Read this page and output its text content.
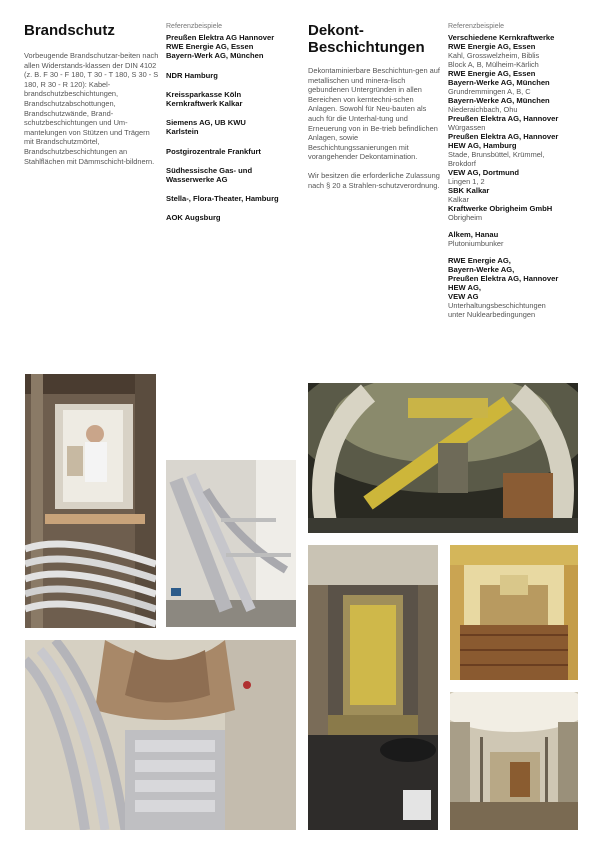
Brandschutz
Vorbeugende Brandschutzar-beiten nach allen Widerstands-klassen der DIN 4102 (z. B. F 30 - F 180, T 30 - T 180, S 30 - S 180, R 30 - R 120): Kabel-brandschutzbeschichtungen, Brandschutzabschottungen, Brandschutzwände, Brand-schutzbeschichtungen und Um-mantelungen von Stützen und Trägern mit Brandschutzmörtel, Brandschutzbeschichtungen an Stahlflächen mit Dämmschicht-bildnern.
Referenzbeispiele
Preußen Elektra AG Hannover
RWE Energie AG, Essen
Bayern-Werk AG, München
NDR Hamburg
Kreissparkasse Köln
Kernkraftwerk Kalkar
Siemens AG, UB KWU
Karlstein
Postgirozentrale Frankfurt
Südhessische Gas- und
Wasserwerke AG
Stella-, Flora-Theater, Hamburg
AOK Augsburg
Dekont-
Beschichtungen

Dekontaminierbare Beschichtun-gen auf metallischen und minera-lisch gebundenen Untergründen in allen Bereichen von kerntechni-schen Anlagen. Sowohl für Neu-bauten als auch für die Unterhal-tung und Erneuerung von in Be-trieb befindlichen Anlagen, sowie Beschichtungssanierungen mit vorangehender Dekontamination.

Wir besitzen die erforderliche Zulassung nach § 20 a Strahlen-schutzverordnung.

Referenzbeispiele
Verschiedene Kernkraftwerke
RWE Energie AG, Essen
Kahl, Grosswelzheim, Biblis
Block A, B, Mülheim-Kärlich
RWE Energie AG, Essen
Bayern-Werke AG, München
Grundremmingen A, B, C
Bayern-Werke AG, München
Niederaichbach, Ohu
Preußen Elektra AG, Hannover
Würgassen
Preußen Elektra AG, Hannover
HEW AG, Hamburg
Stade, Brunsbüttel, Krümmel,
Brokdorf
VEW AG, Dortmund
Lingen 1, 2
SBK Kalkar
Kalkar
Kraftwerke Obrigheim GmbH
Obrigheim
Alkem, Hanau
Plutoniumbunker
RWE Energie AG,
Bayern-Werke AG,
Preußen Elektra AG, Hannover
HEW AG,
VEW AG
Unterhaltungsbeschichtungen
unter Nuklearbedingungen
